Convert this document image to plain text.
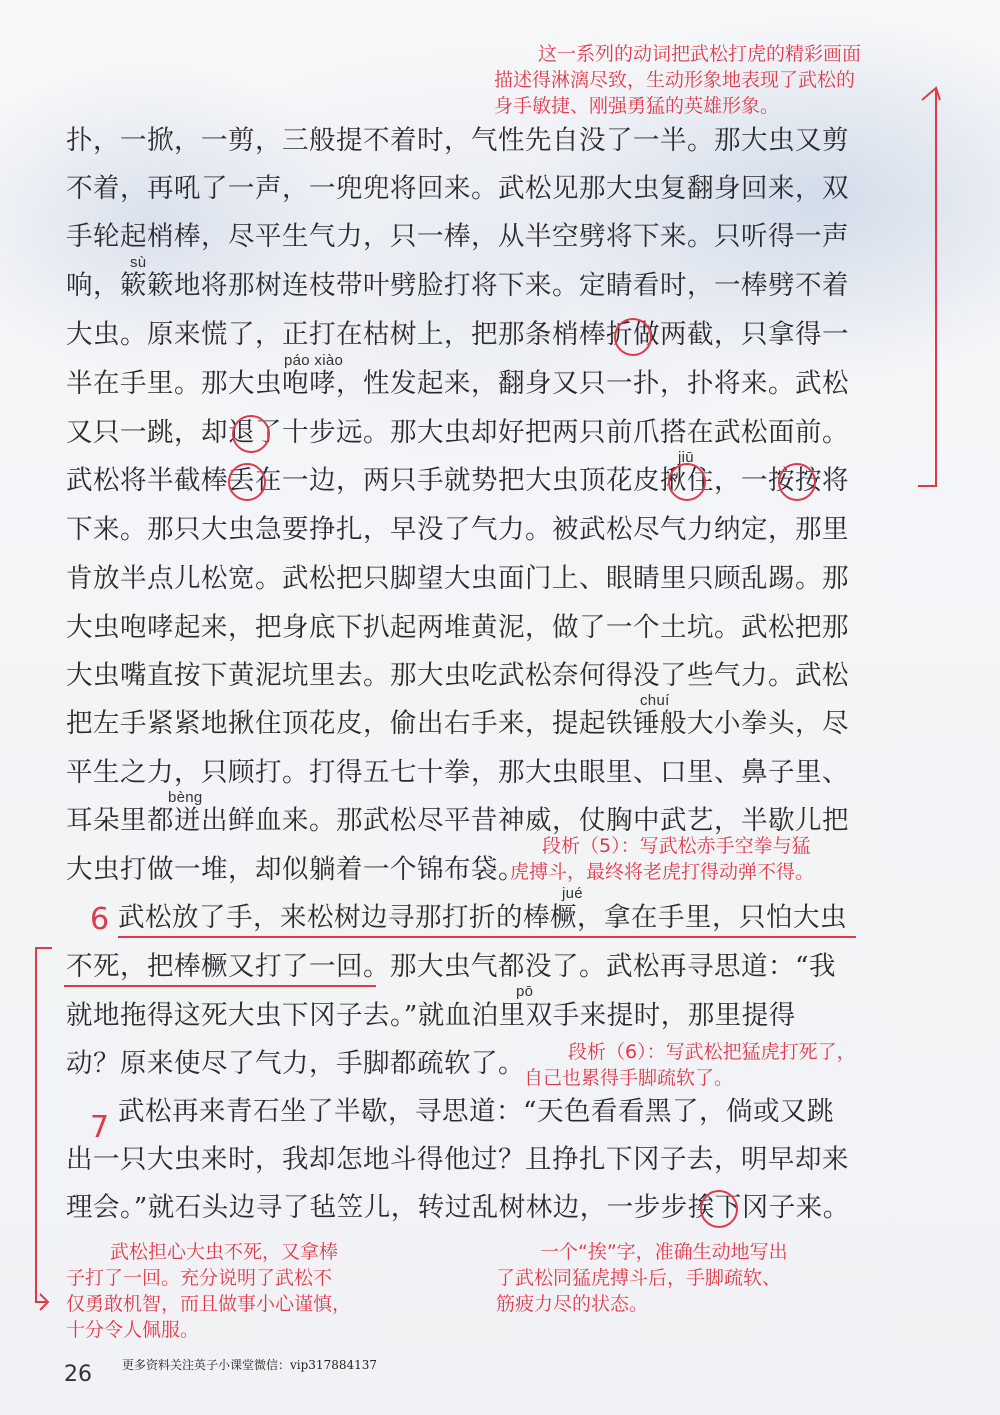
这一系列的动词把武松打虎的精彩画面

描述得淋漓尽致，生动形象地表现了武松的

身手敏捷、刚强勇猛的英雄形象。

扑，一掀，一剪，三般提不着时，气性先自没了一半。那大虫又剪

不着，再吼了一声，一兜兜将回来。武松见那大虫复翻身回来，双

手轮起梢棒，尽平生气力，只一棒，从半空劈将下来。只听得一声

sù

响，簌簌地将那树连枝带叶劈脸打将下来。定睛看时，一棒劈不着

大虫。原来慌了，正打在枯树上，把那条梢棒折做两截，只拿得一

páo xiào

半在手里。那大虫咆哮，性发起来，翻身又只一扑，扑将来。武松

又只一跳，却退了十步远。那大虫却好把两只前爪搭在武松面前。

jiū

武松将半截棒丢在一边，两只手就势把大虫顶花皮揪住，一按按将

下来。那只大虫急要挣扎，早没了气力。被武松尽气力纳定，那里

肯放半点儿松宽。武松把只脚望大虫面门上、眼睛里只顾乱踢。那

大虫咆哮起来，把身底下扒起两堆黄泥，做了一个土坑。武松把那

大虫嘴直按下黄泥坑里去。那大虫吃武松奈何得没了些气力。武松

chuí

把左手紧紧地揪住顶花皮，偷出右手来，提起铁锤般大小拳头，尽

平生之力，只顾打。打得五七十拳，那大虫眼里、口里、鼻子里、

bèng

耳朵里都迸出鲜血来。那武松尽平昔神威，仗胸中武艺，半歇儿把

大虫打做一堆，却似躺着一个锦布袋。

段析（5）：写武松赤手空拳与猛

虎搏斗，最终将老虎打得动弹不得。

6
jué

武松放了手，来松树边寻那打折的棒橛，拿在手里，只怕大虫

不死，把棒橛又打了一回。那大虫气都没了。武松再寻思道：“我

pō

就地拖得这死大虫下冈子去。”就血泊里双手来提时，那里提得

动？原来使尽了气力，手脚都疏软了。 段析（6）：写武松把猛虎打死了，

自己也累得手脚疏软了。

7 武松再来青石坐了半歇，寻思道：“天色看看黑了，倘或又跳

出一只大虫来时，我却怎地斗得他过？且挣扎下冈子去，明早却来

理会。”就石头边寻了毡笠儿，转过乱树林边，一步步挨下冈子来。

武松担心大虫不死，又拿棒

子打了一回。充分说明了武松不

仅勇敢机智，而且做事小心谨慎，

十分令人佩服。

一个“挨”字，准确生动地写出

了武松同猛虎搏斗后，手脚疏软、

筋疲力尽的状态。

更多资料关注英子小课堂微信：vip317884137
26
